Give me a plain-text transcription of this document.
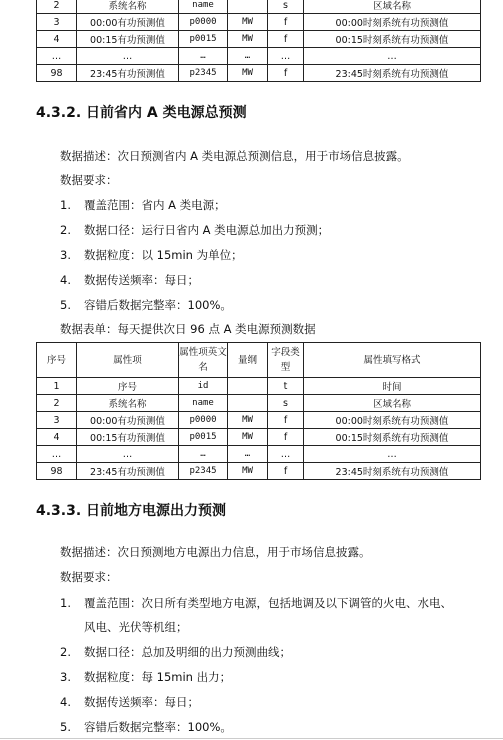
2	系统名称	name		s	区域名称
3	00:00有功预测值	p0000	MW	f	00:00时刻系统有功预测值
4	00:15有功预测值	p0015	MW	f	00:15时刻系统有功预测值
…	…	…	…	…	…
98	23:45有功预测值	p2345	MW	f	23:45时刻系统有功预测值
4.3.2. 日前省内 A 类电源总预测
数据描述：次日预测省内 A 类电源总预测信息，用于市场信息披露。
数据要求：
1. 覆盖范围：省内 A 类电源；
2. 数据口径：运行日省内 A 类电源总加出力预测；
3. 数据粒度：以 15min 为单位；
4. 数据传送频率：每日；
5. 容错后数据完整率：100%。
数据表单：每天提供次日 96 点 A 类电源预测数据
序号	属性项	属性项英文名	量纲	字段类型	属性填写格式
1	序号	id		t	时间
2	系统名称	name		s	区域名称
3	00:00有功预测值	p0000	MW	f	00:00时刻系统有功预测值
4	00:15有功预测值	p0015	MW	f	00:15时刻系统有功预测值
…	…	…	…	…	…
98	23:45有功预测值	p2345	MW	f	23:45时刻系统有功预测值
4.3.3. 日前地方电源出力预测
数据描述：次日预测地方电源出力信息，用于市场信息披露。
数据要求：
1. 覆盖范围：次日所有类型地方电源，包括地调及以下调管的火电、水电、
风电、光伏等机组；
2. 数据口径：总加及明细的出力预测曲线；
3. 数据粒度：每 15min 出力；
4. 数据传送频率：每日；
5. 容错后数据完整率：100%。
